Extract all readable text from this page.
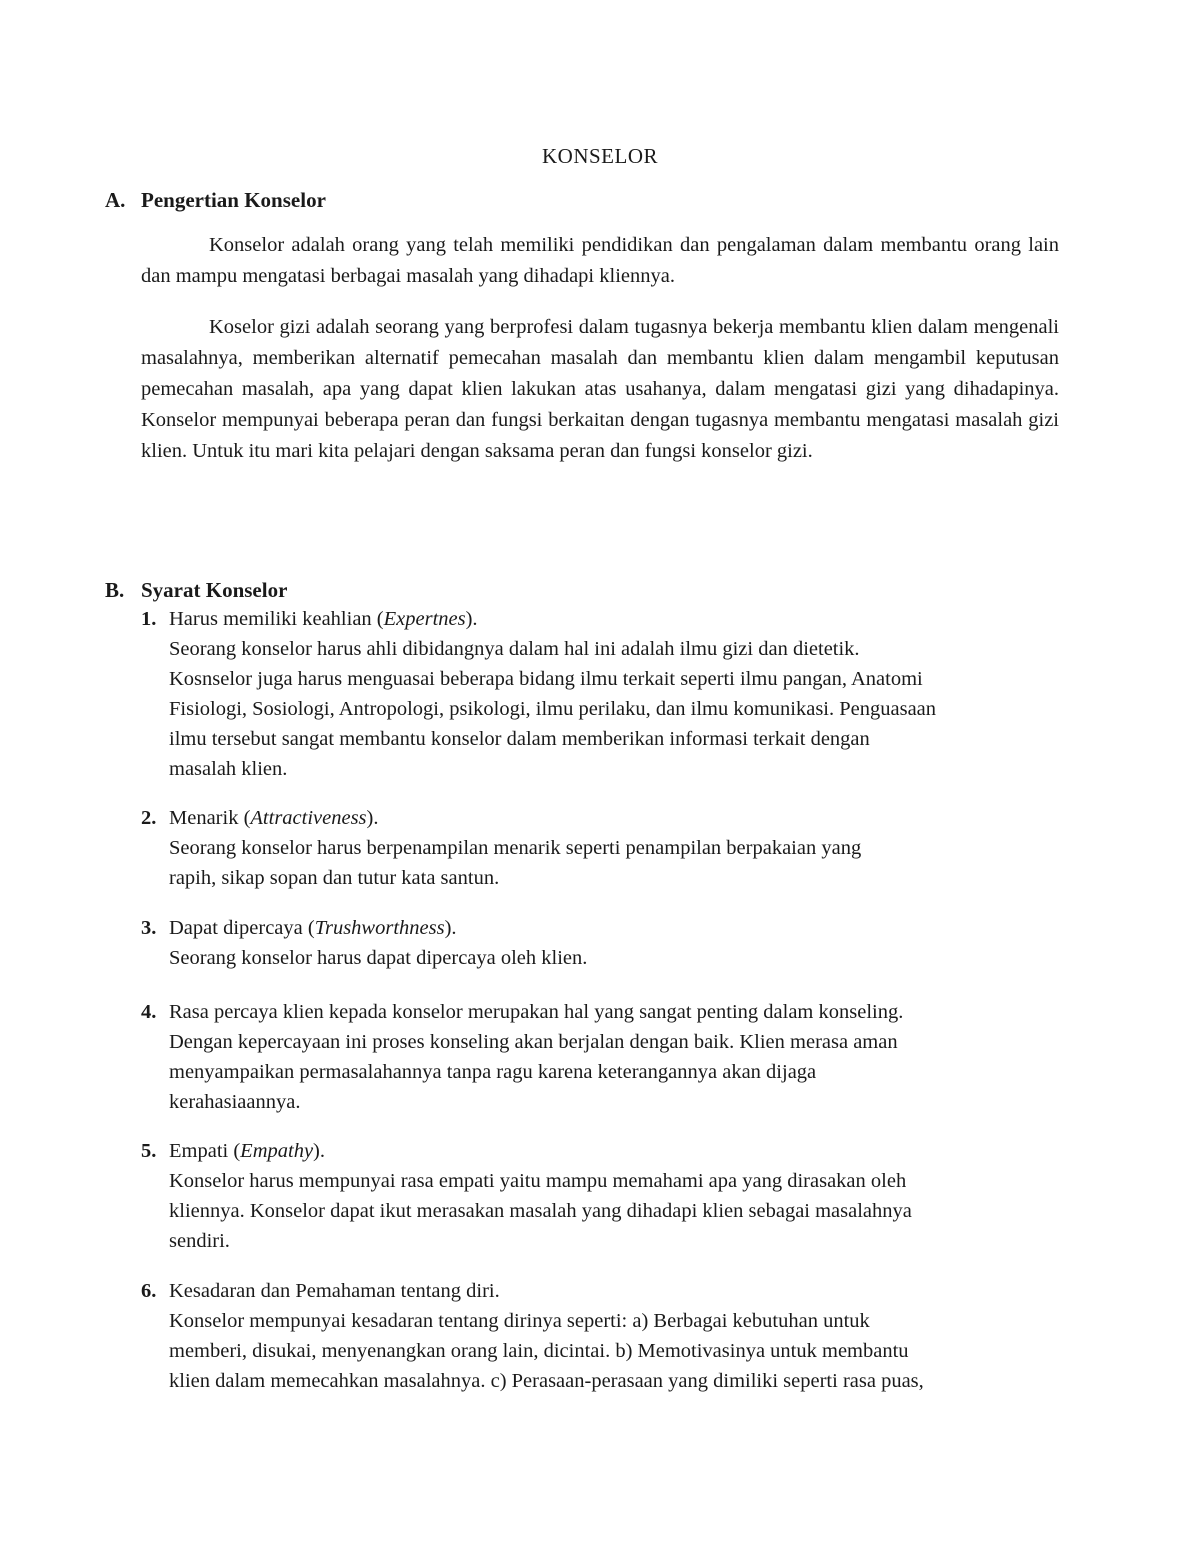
KONSELOR
A. Pengertian Konselor

Konselor adalah orang yang telah memiliki pendidikan dan pengalaman dalam membantu orang lain dan mampu mengatasi berbagai masalah yang dihadapi kliennya.

Koselor gizi adalah seorang yang berprofesi dalam tugasnya bekerja membantu klien dalam mengenali masalahnya, memberikan alternatif pemecahan masalah dan membantu klien dalam mengambil keputusan pemecahan masalah, apa yang dapat klien lakukan atas usahanya, dalam mengatasi gizi yang dihadapinya. Konselor mempunyai beberapa peran dan fungsi berkaitan dengan tugasnya membantu mengatasi masalah gizi klien. Untuk itu mari kita pelajari dengan saksama peran dan fungsi konselor gizi.

B. Syarat Konselor
1. Harus memiliki keahlian (Expertnes).
Seorang konselor harus ahli dibidangnya dalam hal ini adalah ilmu gizi dan dietetik.
Kosnselor juga harus menguasai beberapa bidang ilmu terkait seperti ilmu pangan, Anatomi
Fisiologi, Sosiologi, Antropologi, psikologi, ilmu perilaku, dan ilmu komunikasi. Penguasaan
ilmu tersebut sangat membantu konselor dalam memberikan informasi terkait dengan
masalah klien.
2. Menarik (Attractiveness).
Seorang konselor harus berpenampilan menarik seperti penampilan berpakaian yang
rapih, sikap sopan dan tutur kata santun.
3. Dapat dipercaya (Trushworthness).
Seorang konselor harus dapat dipercaya oleh klien.
4. Rasa percaya klien kepada konselor merupakan hal yang sangat penting dalam konseling.
Dengan kepercayaan ini proses konseling akan berjalan dengan baik. Klien merasa aman
menyampaikan permasalahannya tanpa ragu karena keterangannya akan dijaga
kerahasiaannya.
5. Empati (Empathy).
Konselor harus mempunyai rasa empati yaitu mampu memahami apa yang dirasakan oleh
kliennya. Konselor dapat ikut merasakan masalah yang dihadapi klien sebagai masalahnya
sendiri.
6. Kesadaran dan Pemahaman tentang diri.
Konselor mempunyai kesadaran tentang dirinya seperti: a) Berbagai kebutuhan untuk
memberi, disukai, menyenangkan orang lain, dicintai. b) Memotivasinya untuk membantu
klien dalam memecahkan masalahnya. c) Perasaan-perasaan yang dimiliki seperti rasa puas,
